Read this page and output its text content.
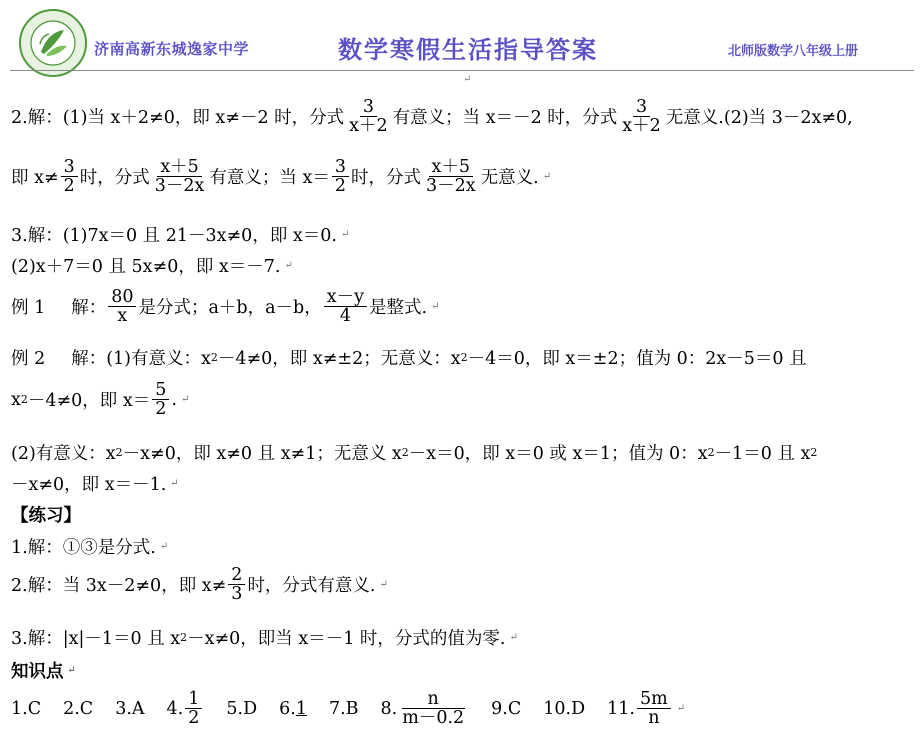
济南高新东城逸家中学	数学寒假生活指导答案	北师版数学八年级上册
↵
2.解：(1)当 x＋2≠0，即 x≠－2 时，分式 $\frac{3}{x+2}$ 有意义；当 x＝－2 时，分式 $\frac{3}{x+2}$ 无意义.(2)当 3－2x≠0,
即 $x\ne \frac{3}{2}$ 时，分式 $\frac{x+5}{3-2x}$ 有意义；当 $x= \frac{3}{2}$ 时，分式 $\frac{x+5}{3-2x}$ 无意义. ↵
3.解：(1)7x＝0 且 21－3x≠0，即 x＝0. ↵
(2)x＋7＝0 且 5x≠0，即 x＝－7. ↵
例 1 解： $\frac{80}{x}$ 是分式；a＋b，a－b， $\frac{x-y}{4}$ 是整式. ↵
例 2 解： (1)有意义：x 2 －4≠0，即 x≠±2；无意义：x 2 －4＝0，即 x＝±2；值为 0：2x－5＝0 且
x 2 －4≠0，即 $x= \frac{5}{2}$ . ↵
(2)有意义：x 2 －x≠0，即 x≠0 且 x≠1；无意义 x 2 －x＝0，即 x＝0 或 x＝1；值为 0：x 2 －1＝0 且 x 2
－x≠0，即 x＝－1. ↵
【练习】
1.解：①③是分式. ↵
2.解：当 3x－2≠0，即 $x\ne \frac{2}{3}$ 时，分式有意义. ↵
3.解：|x|－1＝0 且 x 2 －x≠0，即当 x＝－1 时，分式的值为零. ↵
知识点 ↵
1.C 2.C 3.A 4. $\frac{1}{2} 5.D$ 6. 1 7.B 8. $\frac{n}{m-0.2} 9.C$ 10.D 11. $\frac{5m}{n}$ ↵
